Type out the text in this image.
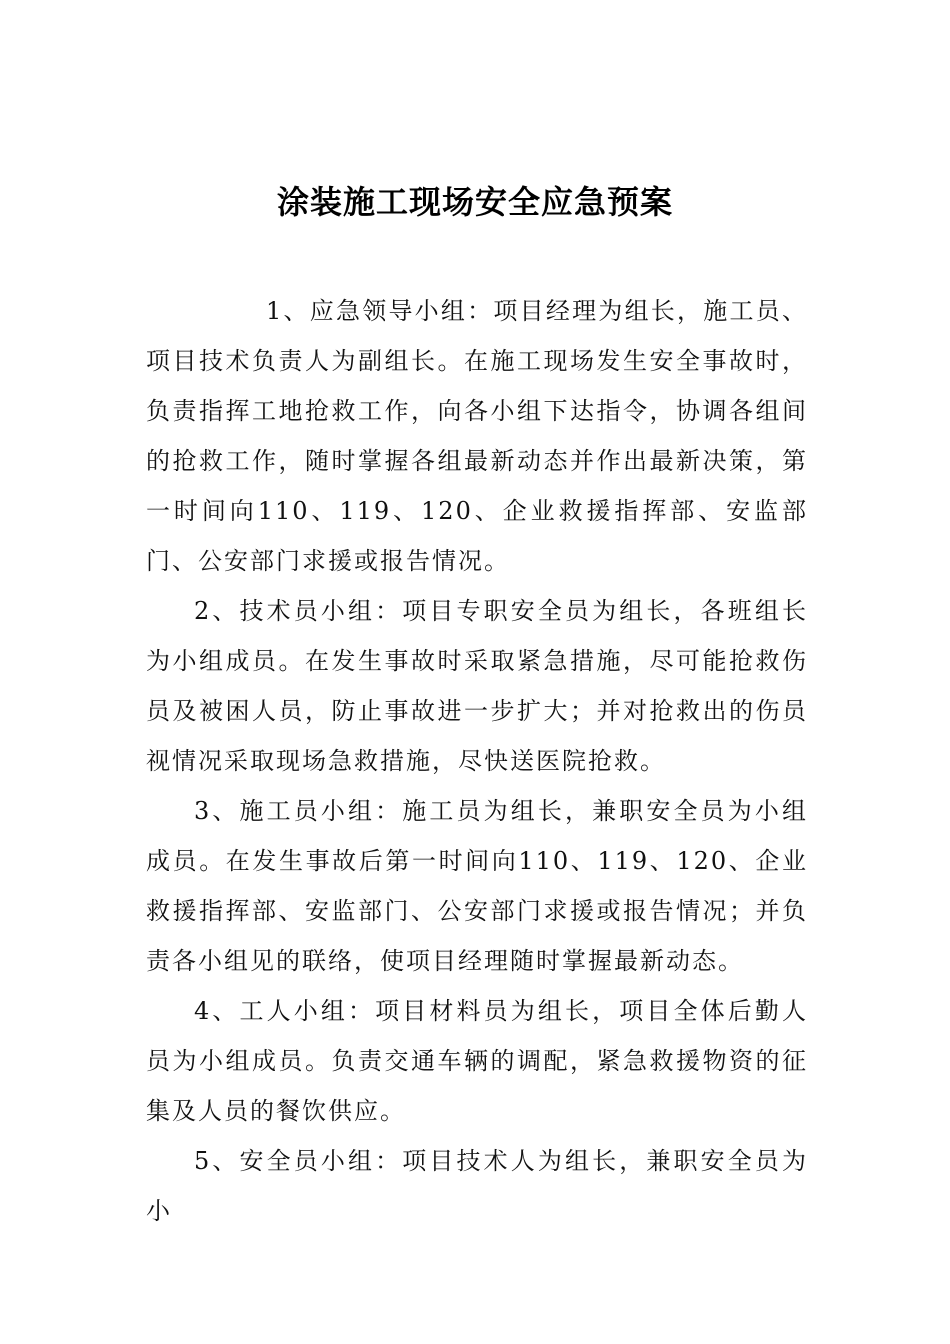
涂装施工现场安全应急预案

1、应急领导小组：项目经理为组长，施工员、项目技术负责人为副组长。在施工现场发生安全事故时，负责指挥工地抢救工作，向各小组下达指令，协调各组间的抢救工作，随时掌握各组最新动态并作出最新决策，第一时间向110、119、120、企业救援指挥部、安监部门、公安部门求援或报告情况。

2、技术员小组：项目专职安全员为组长，各班组长为小组成员。在发生事故时采取紧急措施，尽可能抢救伤员及被困人员，防止事故进一步扩大；并对抢救出的伤员视情况采取现场急救措施，尽快送医院抢救。

3、施工员小组：施工员为组长，兼职安全员为小组成员。在发生事故后第一时间向110、119、120、企业救援指挥部、安监部门、公安部门求援或报告情况；并负责各小组见的联络，使项目经理随时掌握最新动态。

4、工人小组：项目材料员为组长，项目全体后勤人员为小组成员。负责交通车辆的调配，紧急救援物资的征集及人员的餐饮供应。

5、安全员小组：项目技术人为组长，兼职安全员为小
